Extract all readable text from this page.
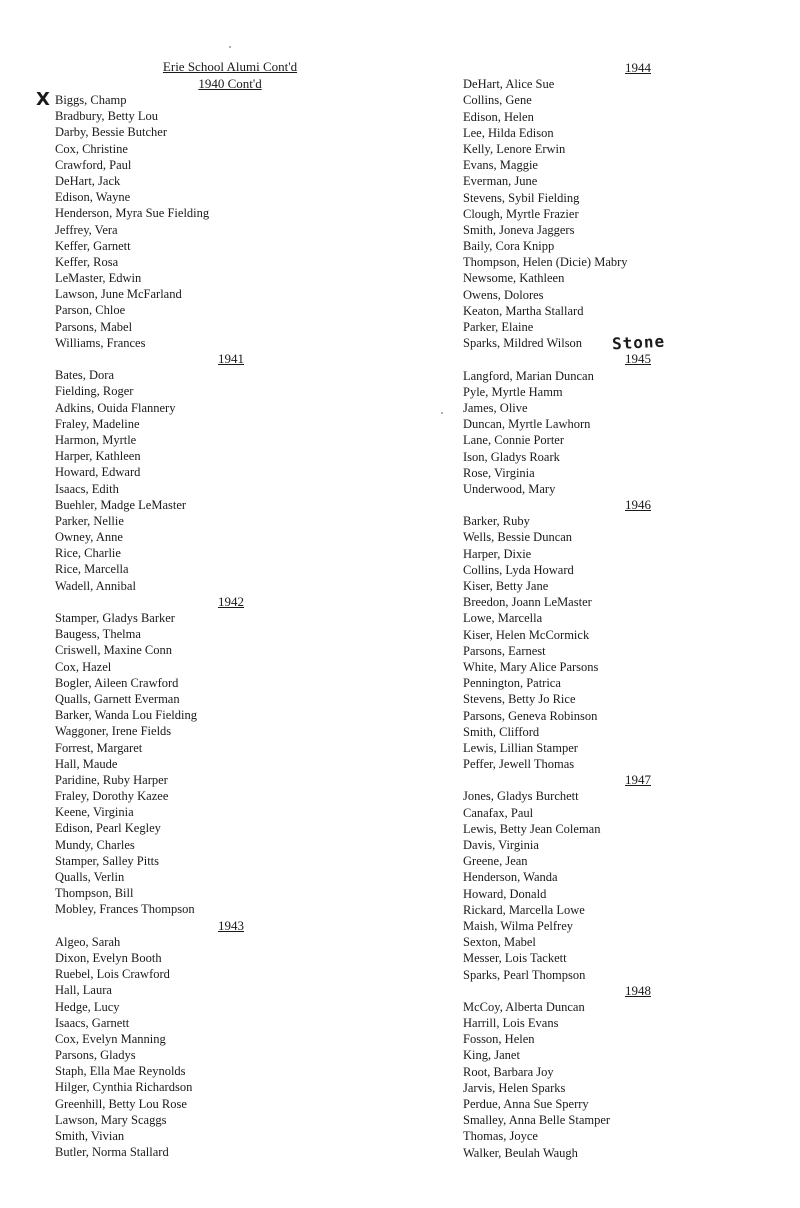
Erie School Alumi Cont'd
1940 Cont'd
X
Stone
Biggs, Champ
Bradbury, Betty Lou
Darby, Bessie Butcher
Cox, Christine
Crawford, Paul
DeHart, Jack
Edison, Wayne
Henderson, Myra Sue Fielding
Jeffrey, Vera
Keffer, Garnett
Keffer, Rosa
LeMaster, Edwin
Lawson, June McFarland
Parson, Chloe
Parsons, Mabel
Williams, Frances
1941
Bates, Dora
Fielding, Roger
Adkins, Ouida Flannery
Fraley, Madeline
Harmon, Myrtle
Harper, Kathleen
Howard, Edward
Isaacs, Edith
Buehler, Madge LeMaster
Parker, Nellie
Owney, Anne
Rice, Charlie
Rice, Marcella
Wadell, Annibal
1942
Stamper, Gladys Barker
Baugess, Thelma
Criswell, Maxine Conn
Cox, Hazel
Bogler, Aileen Crawford
Qualls, Garnett Everman
Barker, Wanda Lou Fielding
Waggoner, Irene Fields
Forrest, Margaret
Hall, Maude
Paridine, Ruby Harper
Fraley, Dorothy Kazee
Keene, Virginia
Edison, Pearl Kegley
Mundy, Charles
Stamper, Salley Pitts
Qualls, Verlin
Thompson, Bill
Mobley, Frances Thompson
1943
Algeo, Sarah
Dixon, Evelyn Booth
Ruebel, Lois Crawford
Hall, Laura
Hedge, Lucy
Isaacs, Garnett
Cox, Evelyn Manning
Parsons, Gladys
Staph, Ella Mae Reynolds
Hilger, Cynthia Richardson
Greenhill, Betty Lou Rose
Lawson, Mary Scaggs
Smith, Vivian
Butler, Norma Stallard
1944
DeHart, Alice Sue
Collins, Gene
Edison, Helen
Lee, Hilda Edison
Kelly, Lenore Erwin
Evans, Maggie
Everman, June
Stevens, Sybil Fielding
Clough, Myrtle Frazier
Smith, Joneva Jaggers
Baily, Cora Knipp
Thompson, Helen (Dicie) Mabry
Newsome, Kathleen
Owens, Dolores
Keaton, Martha Stallard
Parker, Elaine
Sparks, Mildred Wilson
1945
Langford, Marian Duncan
Pyle, Myrtle Hamm
James, Olive
Duncan, Myrtle Lawhorn
Lane, Connie Porter
Ison, Gladys Roark
Rose, Virginia
Underwood, Mary
1946
Barker, Ruby
Wells, Bessie Duncan
Harper, Dixie
Collins, Lyda Howard
Kiser, Betty Jane
Breedon, Joann LeMaster
Lowe, Marcella
Kiser, Helen McCormick
Parsons, Earnest
White, Mary Alice Parsons
Pennington, Patrica
Stevens, Betty Jo Rice
Parsons, Geneva Robinson
Smith, Clifford
Lewis, Lillian Stamper
Peffer, Jewell Thomas
1947
Jones, Gladys Burchett
Canafax, Paul
Lewis, Betty Jean Coleman
Davis, Virginia
Greene, Jean
Henderson, Wanda
Howard, Donald
Rickard, Marcella Lowe
Maish, Wilma Pelfrey
Sexton, Mabel
Messer, Lois Tackett
Sparks, Pearl Thompson
1948
McCoy, Alberta Duncan
Harrill, Lois Evans
Fosson, Helen
King, Janet
Root, Barbara Joy
Jarvis, Helen Sparks
Perdue, Anna Sue Sperry
Smalley, Anna Belle Stamper
Thomas, Joyce
Walker, Beulah Waugh
